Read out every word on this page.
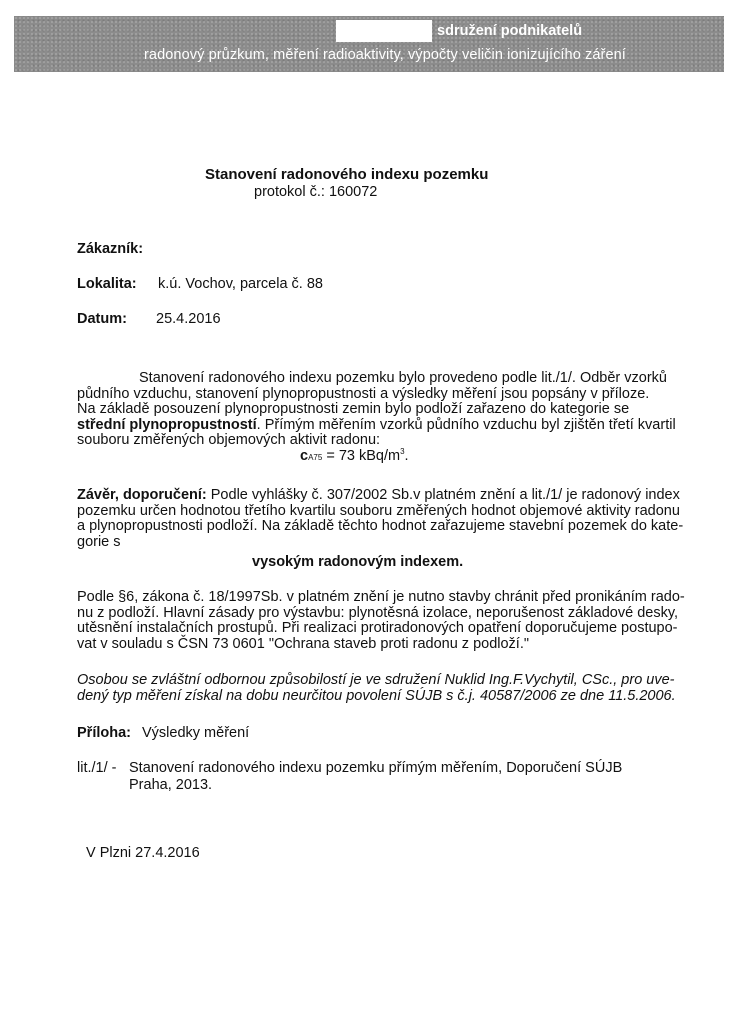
, sdružení podnikatelů
radonový průzkum, měření radioaktivity, výpočty veličin ionizujícího záření
Stanovení radonového indexu pozemku
protokol č.: 160072
Zákazník:
Lokalita: k.ú. Vochov, parcela č. 88
Datum: 25.4.2016
Stanovení radonového indexu pozemku bylo provedeno podle lit./1/. Odběr vzorků
půdního vzduchu, stanovení plynopropustnosti a výsledky měření jsou popsány v příloze.
Na základě posouzení plynopropustnosti zemin bylo podloží zařazeno do kategorie se
střední plynopropustností. Přímým měřením vzorků půdního vzduchu byl zjištěn třetí kvartil
souboru změřených objemových aktivit radonu:
cA75 = 73 kBq/$m^3$.
Závěr, doporučení: Podle vyhlášky č. 307/2002 Sb.v platném znění a lit./1/ je radonový index
pozemku určen hodnotou třetího kvartilu souboru změřených hodnot objemové aktivity radonu
a plynopropustnosti podloží. Na základě těchto hodnot zařazujeme stavební pozemek do kate-
gorie s
vysokým radonovým indexem.
Podle §6, zákona č. 18/1997Sb. v platném znění je nutno stavby chránit před pronikáním rado-
nu z podloží. Hlavní zásady pro výstavbu: plynotěsná izolace, neporušenost základové desky,
utěsnění instalačních prostupů. Při realizaci protiradonových opatření doporučujeme postupo-
vat v souladu s ČSN 73 0601 "Ochrana staveb proti radonu z podloží."
Osobou se zvláštní odbornou způsobilostí je ve sdružení Nuklid Ing.F.Vychytil, CSc., pro uve-
dený typ měření získal na dobu neurčitou povolení SÚJB s č.j. 40587/2006 ze dne 11.5.2006.
Příloha: Výsledky měření
lit./1/ - Stanovení radonového indexu pozemku přímým měřením, Doporučení SÚJB
Praha, 2013.
V Plzni 27.4.2016
